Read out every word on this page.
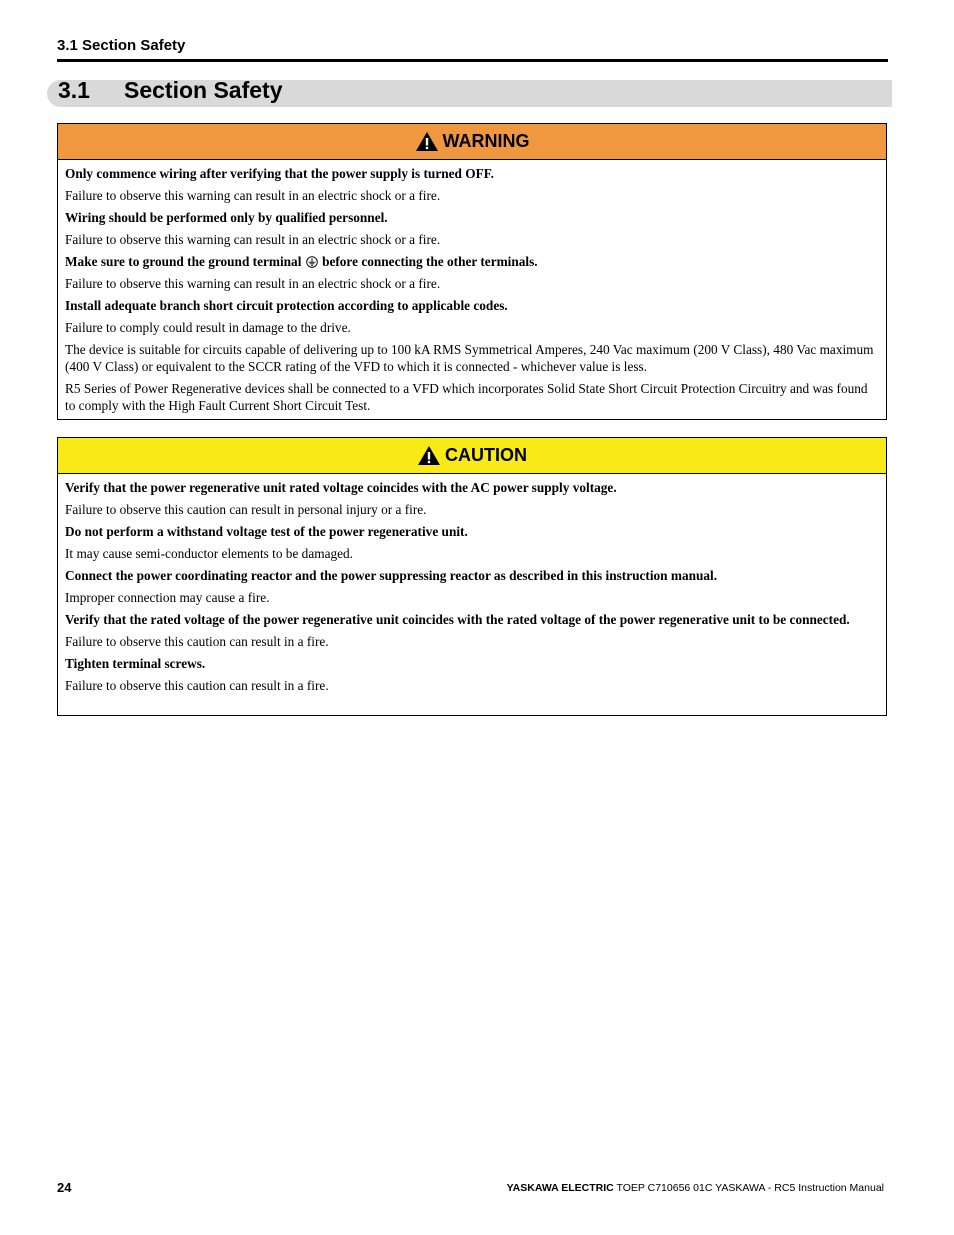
3.1 Section Safety
3.1 Section Safety
WARNING

Only commence wiring after verifying that the power supply is turned OFF.

Failure to observe this warning can result in an electric shock or a fire.

Wiring should be performed only by qualified personnel.

Failure to observe this warning can result in an electric shock or a fire.

Make sure to ground the ground terminal before connecting the other terminals.

Failure to observe this warning can result in an electric shock or a fire.

Install adequate branch short circuit protection according to applicable codes.

Failure to comply could result in damage to the drive.

The device is suitable for circuits capable of delivering up to 100 kA RMS Symmetrical Amperes, 240 Vac maximum (200 V Class), 480 Vac maximum (400 V Class) or equivalent to the SCCR rating of the VFD to which it is connected - whichever value is less.

R5 Series of Power Regenerative devices shall be connected to a VFD which incorporates Solid State Short Circuit Protection Circuitry and was found to comply with the High Fault Current Short Circuit Test.

CAUTION

Verify that the power regenerative unit rated voltage coincides with the AC power supply voltage.

Failure to observe this caution can result in personal injury or a fire.

Do not perform a withstand voltage test of the power regenerative unit.

It may cause semi-conductor elements to be damaged.

Connect the power coordinating reactor and the power suppressing reactor as described in this instruction manual.

Improper connection may cause a fire.

Verify that the rated voltage of the power regenerative unit coincides with the rated voltage of the power regenerative unit to be connected.

Failure to observe this caution can result in a fire.

Tighten terminal screws.

Failure to observe this caution can result in a fire.

24	YASKAWA ELECTRIC TOEP C710656 01C YASKAWA - RC5 Instruction Manual
